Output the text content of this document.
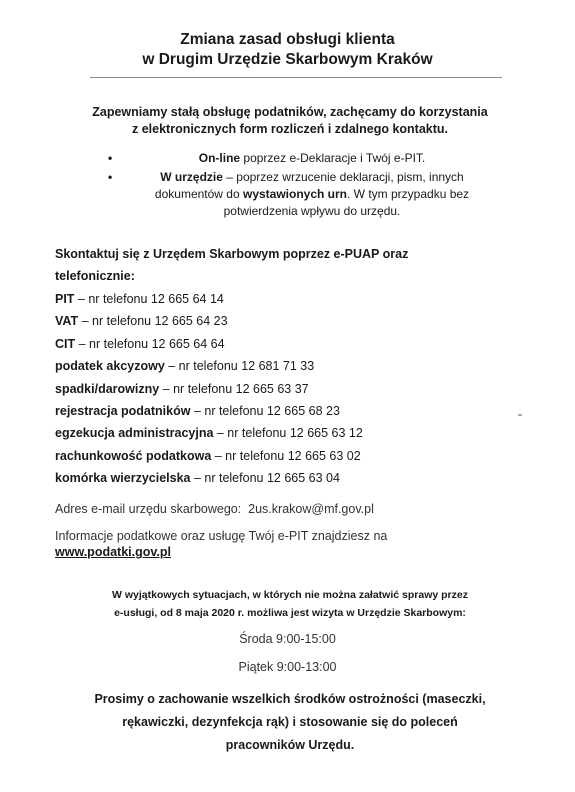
Zmiana zasad obsługi klienta
w Drugim Urzędzie Skarbowym Kraków
Zapewniamy stałą obsługę podatników, zachęcamy do korzystania
z elektronicznych form rozliczeń i zdalnego kontaktu.
•	On-line poprzez e-Deklaracje i Twój e-PIT.
•	W urzędzie – poprzez wrzucenie deklaracji, pism, innych dokumentów do wystawionych urn. W tym przypadku bez potwierdzenia wpływu do urzędu.
Skontaktuj się z Urzędem Skarbowym poprzez e-PUAP oraz telefonicznie:
PIT – nr telefonu 12 665 64 14
VAT – nr telefonu 12 665 64 23
CIT – nr telefonu 12 665 64 64
podatek akcyzowy – nr telefonu 12 681 71 33
spadki/darowizny – nr telefonu 12 665 63 37
rejestracja podatników – nr telefonu 12 665 68 23
egzekucja administracyjna – nr telefonu 12 665 63 12
rachunkowość podatkowa – nr telefonu 12 665 63 02
komórka wierzycielska – nr telefonu 12 665 63 04
Adres e-mail urzędu skarbowego: 2us.krakow@mf.gov.pl
Informacje podatkowe oraz usługę Twój e-PIT znajdziesz na
www.podatki.gov.pl
W wyjątkowych sytuacjach, w których nie można załatwić sprawy przez
e-usługi, od 8 maja 2020 r. możliwa jest wizyta w Urzędzie Skarbowym:
Środa 9:00-15:00
Piątek 9:00-13:00
Prosimy o zachowanie wszelkich środków ostrożności (maseczki,
rękawiczki, dezynfekcja rąk) i stosowanie się do poleceń
pracowników Urzędu.
